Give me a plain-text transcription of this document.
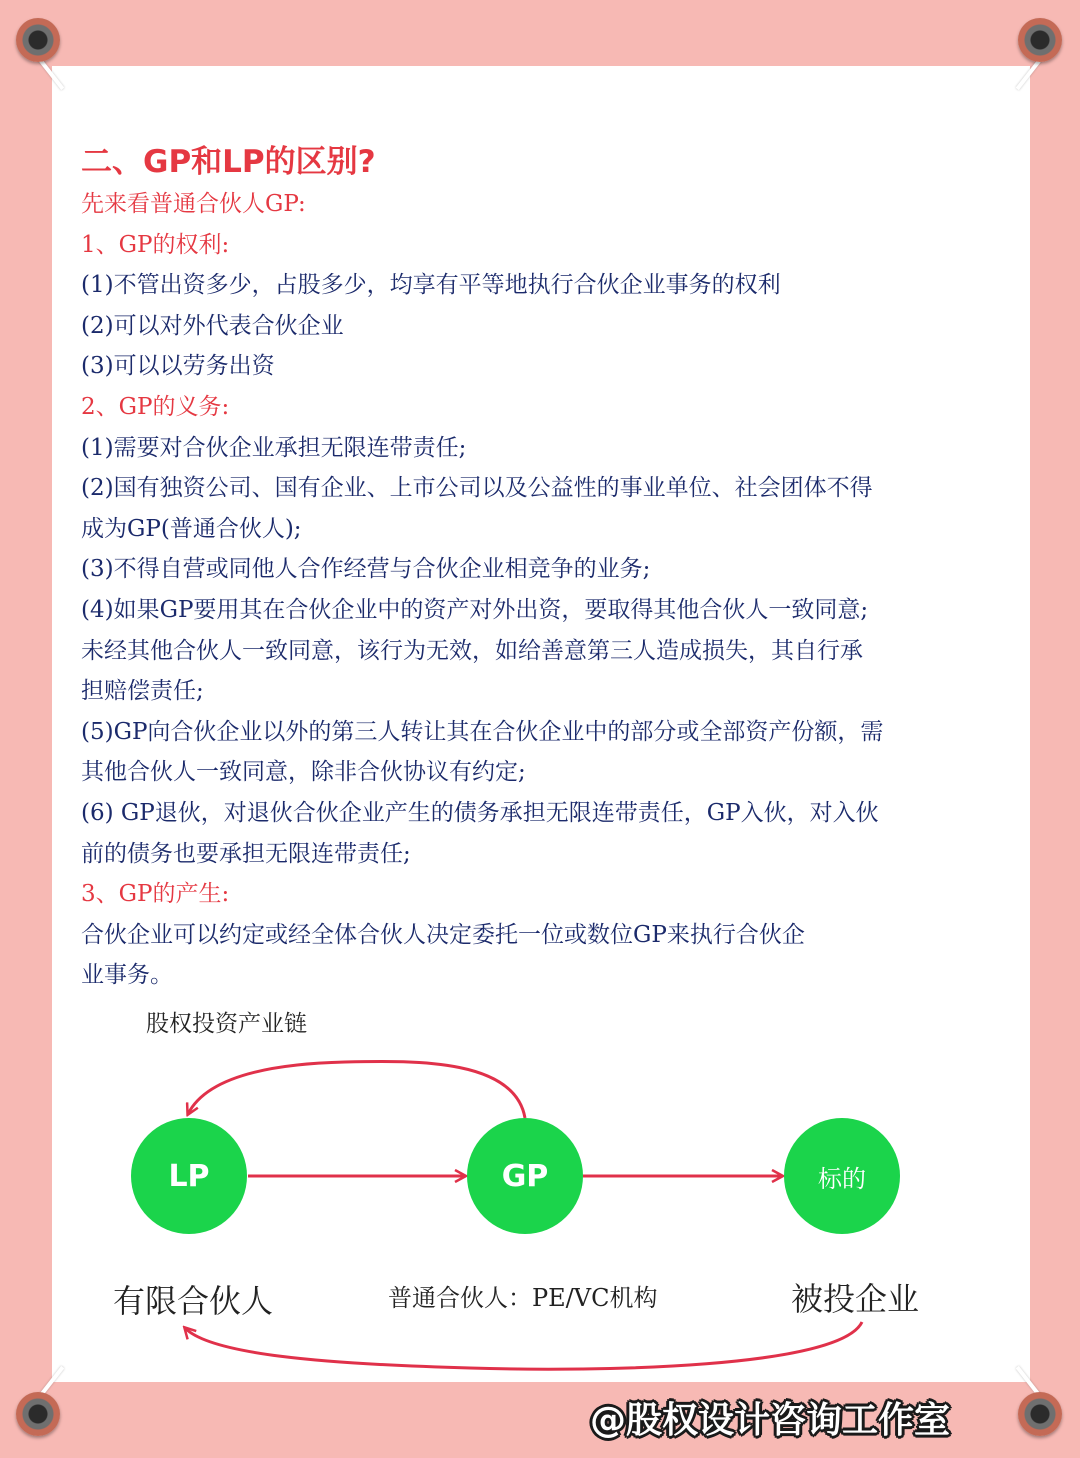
二、GP和LP的区别?
先来看普通合伙人GP:
1、GP的权利:
(1)不管出资多少，占股多少，均享有平等地执行合伙企业事务的权利
(2)可以对外代表合伙企业
(3)可以以劳务出资
2、GP的义务:
(1)需要对合伙企业承担无限连带责任;
(2)国有独资公司、国有企业、上市公司以及公益性的事业单位、社会团体不得
成为GP(普通合伙人);
(3)不得自营或同他人合作经营与合伙企业相竞争的业务;
(4)如果GP要用其在合伙企业中的资产对外出资，要取得其他合伙人一致同意;
未经其他合伙人一致同意，该行为无效，如给善意第三人造成损失，其自行承
担赔偿责任;
(5)GP向合伙企业以外的第三人转让其在合伙企业中的部分或全部资产份额，需
其他合伙人一致同意，除非合伙协议有约定;
(6) GP退伙，对退伙合伙企业产生的债务承担无限连带责任，GP入伙，对入伙
前的债务也要承担无限连带责任;
3、GP的产生:
合伙企业可以约定或经全体合伙人决定委托一位或数位GP来执行合伙企
业事务。
股权投资产业链
LP	GP	标的
有限合伙人	普通合伙人：PE/VC机构	被投企业
@股权设计咨询工作室
